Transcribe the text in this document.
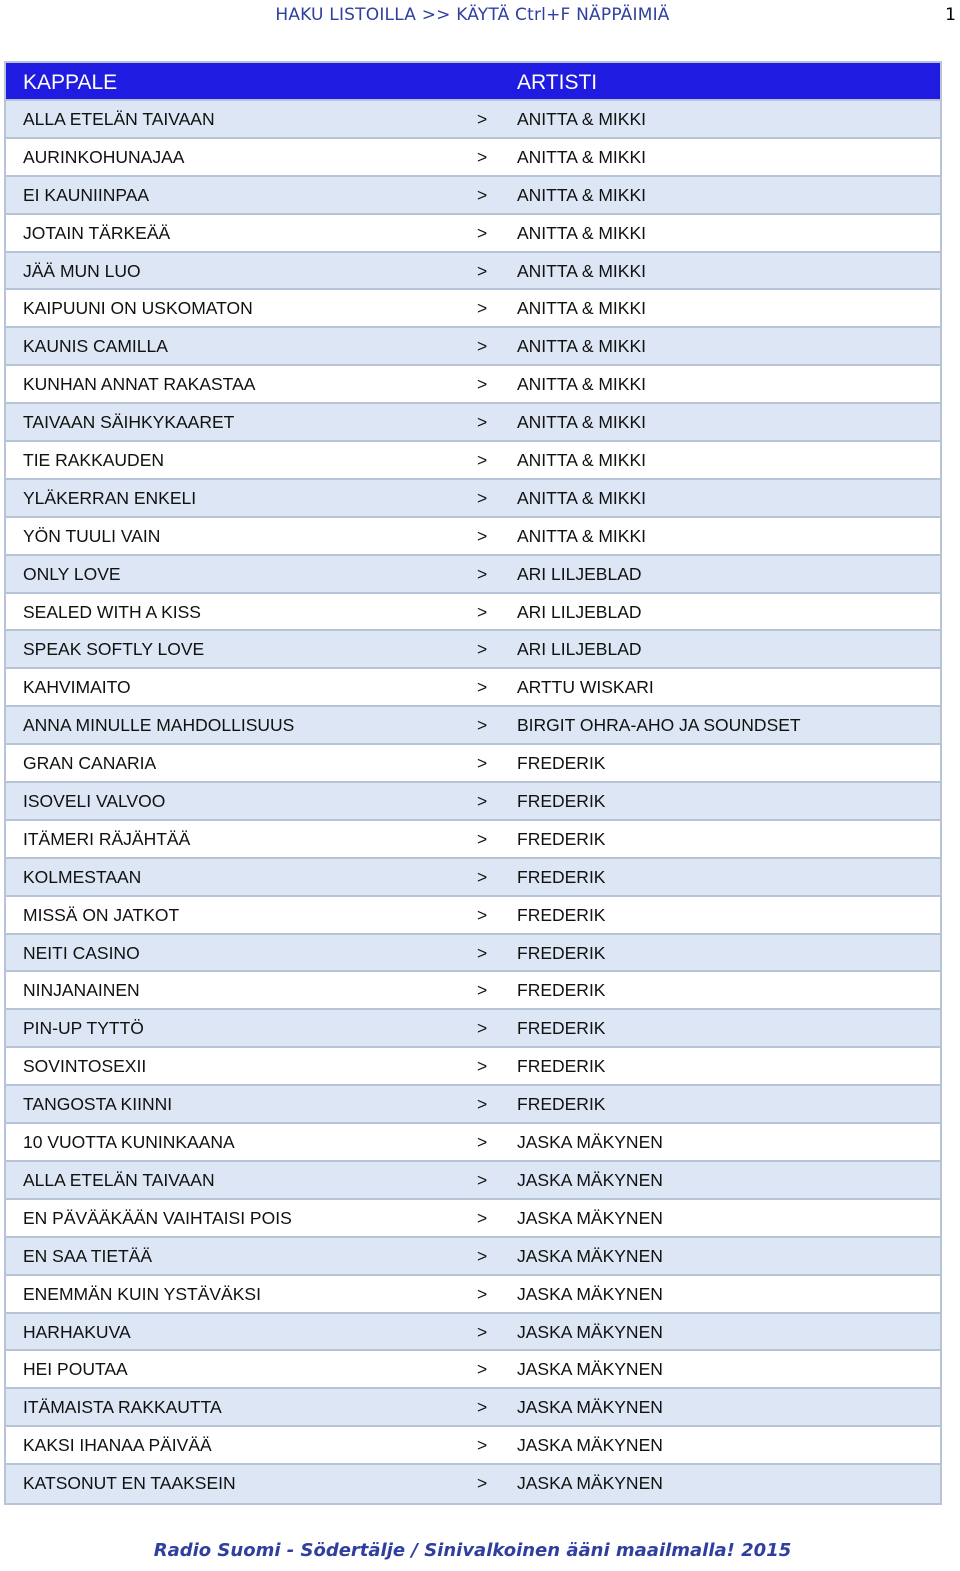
HAKU LISTOILLA >> KÄYTÄ Ctrl+F NÄPPÄIMIÄ	1
KAPPALE	ARTISTI
ALLA ETELÄN TAIVAAN	> ANITTA & MIKKI
AURINKOHUNAJAA	> ANITTA & MIKKI
EI KAUNIINPAA	> ANITTA & MIKKI
JOTAIN TÄRKEÄÄ	> ANITTA & MIKKI
JÄÄ MUN LUO	> ANITTA & MIKKI
KAIPUUNI ON USKOMATON	> ANITTA & MIKKI
KAUNIS CAMILLA	> ANITTA & MIKKI
KUNHAN ANNAT RAKASTAA	> ANITTA & MIKKI
TAIVAAN SÄIHKYKAARET	> ANITTA & MIKKI
TIE RAKKAUDEN	> ANITTA & MIKKI
YLÄKERRAN ENKELI	> ANITTA & MIKKI
YÖN TUULI VAIN	> ANITTA & MIKKI
ONLY LOVE	> ARI LILJEBLAD
SEALED WITH A KISS	> ARI LILJEBLAD
SPEAK SOFTLY LOVE	> ARI LILJEBLAD
KAHVIMAITO	> ARTTU WISKARI
ANNA MINULLE MAHDOLLISUUS	> BIRGIT OHRA-AHO JA SOUNDSET
GRAN CANARIA	> FREDERIK
ISOVELI VALVOO	> FREDERIK
ITÄMERI RÄJÄHTÄÄ	> FREDERIK
KOLMESTAAN	> FREDERIK
MISSÄ ON JATKOT	> FREDERIK
NEITI CASINO	> FREDERIK
NINJANAINEN	> FREDERIK
PIN-UP TYTTÖ	> FREDERIK
SOVINTOSEXII	> FREDERIK
TANGOSTA KIINNI	> FREDERIK
10 VUOTTA KUNINKAANA	> JASKA MÄKYNEN
ALLA ETELÄN TAIVAAN	> JASKA MÄKYNEN
EN PÄVÄÄKÄÄN VAIHTAISI POIS	> JASKA MÄKYNEN
EN SAA TIETÄÄ	> JASKA MÄKYNEN
ENEMMÄN KUIN YSTÄVÄKSI	> JASKA MÄKYNEN
HARHAKUVA	> JASKA MÄKYNEN
HEI POUTAA	> JASKA MÄKYNEN
ITÄMAISTA RAKKAUTTA	> JASKA MÄKYNEN
KAKSI IHANAA PÄIVÄÄ	> JASKA MÄKYNEN
KATSONUT EN TAAKSEIN	> JASKA MÄKYNEN
Radio Suomi - Södertälje / Sinivalkoinen ääni maailmalla! 2015
